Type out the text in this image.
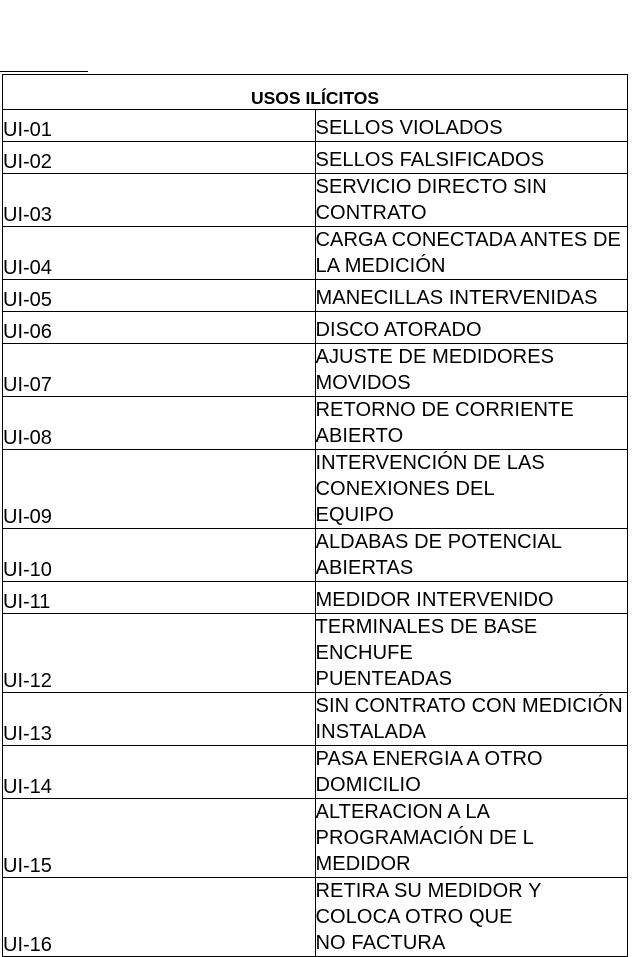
USOS ILÍCITOS	
UI-01	SELLOS VIOLADOS
UI-02	SELLOS FALSIFICADOS
UI-03	SERVICIO DIRECTO SIN CONTRATO
UI-04	CARGA CONECTADA ANTES DE LA MEDICIÓN
UI-05	MANECILLAS INTERVENIDAS
UI-06	DISCO ATORADO
UI-07	AJUSTE DE MEDIDORES MOVIDOS
UI-08	RETORNO DE CORRIENTE ABIERTO
UI-09	INTERVENCIÓN DE LAS CONEXIONES DEL
EQUIPO
UI-10	ALDABAS DE POTENCIAL ABIERTAS
UI-11	MEDIDOR INTERVENIDO
UI-12	TERMINALES DE BASE ENCHUFE
PUENTEADAS
UI-13	SIN CONTRATO CON MEDICIÓN INSTALADA
UI-14	PASA ENERGIA A OTRO DOMICILIO
UI-15	ALTERACION A LA PROGRAMACIÓN DE L
MEDIDOR
UI-16	RETIRA SU MEDIDOR Y COLOCA OTRO QUE
NO FACTURA
